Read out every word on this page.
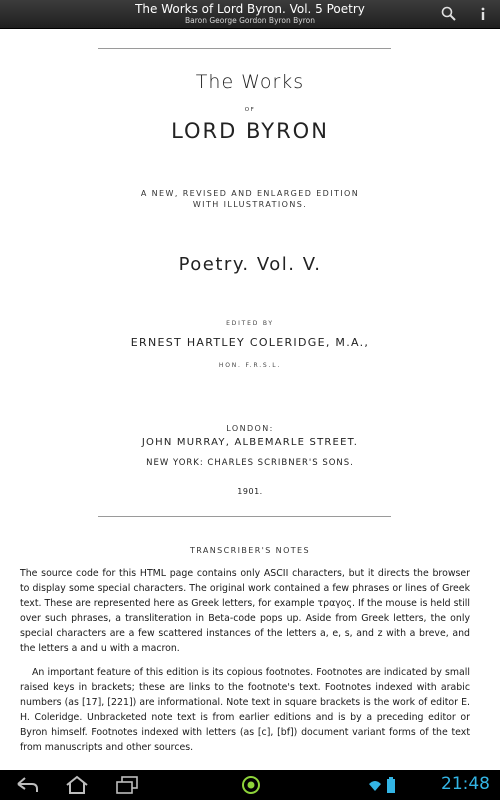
The Works of Lord Byron. Vol. 5 Poetry
Baron George Gordon Byron Byron
The Works
OF
LORD BYRON
A NEW, REVISED AND ENLARGED EDITION
WITH ILLUSTRATIONS.
Poetry. Vol. V.
EDITED BY
ERNEST HARTLEY COLERIDGE, M.A.,
HON. F.R.S.L.
LONDON:
JOHN MURRAY, ALBEMARLE STREET.
NEW YORK: CHARLES SCRIBNER'S SONS.
1901.
TRANSCRIBER'S NOTES
The source code for this HTML page contains only ASCII characters, but it directs the browser to display some special characters. The original work contained a few phrases or lines of Greek text. These are represented here as Greek letters, for example τραγος. If the mouse is held still over such phrases, a transliteration in Beta-code pops up. Aside from Greek letters, the only special characters are a few scattered instances of the letters a, e, s, and z with a breve, and the letters a and u with a macron.
An important feature of this edition is its copious footnotes. Footnotes are indicated by small raised keys in brackets; these are links to the footnote's text. Footnotes indexed with arabic numbers (as [17], [221]) are informational. Note text in square brackets is the work of editor E. H. Coleridge. Unbracketed note text is from earlier editions and is by a preceding editor or Byron himself. Footnotes indexed with letters (as [c], [bf]) document variant forms of the text from manuscripts and other sources.
21:48
